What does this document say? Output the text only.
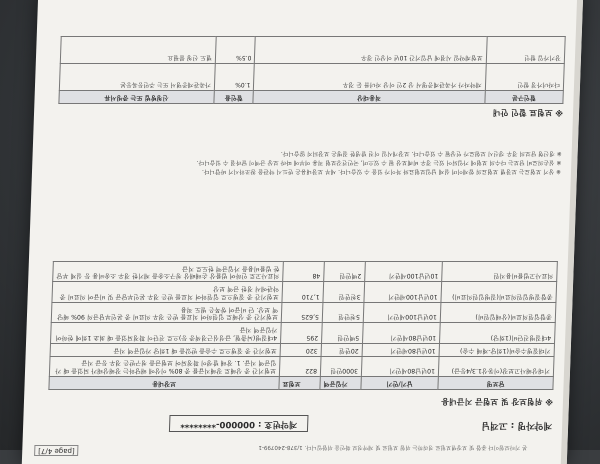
[page 4/7]	본 기타보험이다 종합 및 보장별보험료 정리하는 위험 보험료 및 계약정보 확인을 위함입니다. 1/378-240799-1
계약자명 : 고객님
계약번호 : 000000-********
※ 위험보장 및 보험금 지급내용
담보명	납기/만기	가입금액	보험료	보장내용
기대상해사고보장(이동상1.3/4등급)	10년납80세만기	3000만원	822	보험기간 중 상해로 장해지급률 중 80% 이상에 해당하는 장해상태가 되었을 때 가입금액 지급. 1. 장해 발생이 확정되어 보험금을 청구받은 경우 등급 지급
기대질병수술비(1회당-재해 수술)	10년납80세만기	20만원	320	보험기간 중 질병으로 수술을 받았을 때 1회당 가입금액 지급
4대질병진단비(1회당)	10년납80세만기	5백만원	295	4대질병(뇌출혈, 급성심근경색증 등)으로 진단이 확정되었을 때 최초 1회에 한하여 가입금액 지급
종합입원의료비(상해입원비)	10년납100세만기	5천만원	5,625	보험기간 중 상해로 입원하여 치료를 받은 경우 의료비 중 본인부담금의 90% 해당액 보상. 단 비급여 항목은 별도 적용
종합질병입원의료비(질병입원의료비)	10년납100세만기	3천만원	1,710	보험기간 중 질병으로 입원하여 치료를 받은 경우 본인부담금 및 비급여 의료비 중 약관에서 정한 금액 보상
의료사고법률비용지원	10년납100세만기	2백만원	48	의료사고로 인하여 법률상 손해배상 청구소송을 제기한 경우 소송비용 등 실제 부담한 법률비용을 가입금액 한도로 지급
※ 상기 보험료는 보장별 보험료의 합계이며 실제 납입보험료와 차이가 있을 수 있습니다. 세부 보장내용은 반드시 약관을 참조하시기 바랍니다.
※ 실손의료비 담보는 다수의 보험에 가입되어 있는 경우 비례보상 될 수 있으며, 국민건강보험 적용 여부에 따라 보상 금액이 달라질 수 있습니다.
※ 갱신형 담보의 경우 갱신시 보험료가 인상될 수 있습니다. 보장개시일 이전 발생한 질병은 보장되지 않습니다.
※ 보험료 할인 안내
할인구분	적용대상	할인율	신청방법 또는 증빙서류
다자녀가정 할인	계약자가 가족관계증명서 상 2인 이상 자녀를 둔 경우	1.0%	가족관계증명서 또는 주민등록등본
장기가입 할인	보험계약일 시점에 납입기간 10년 이상인 경우	0.5%	별도 신청 불필요
